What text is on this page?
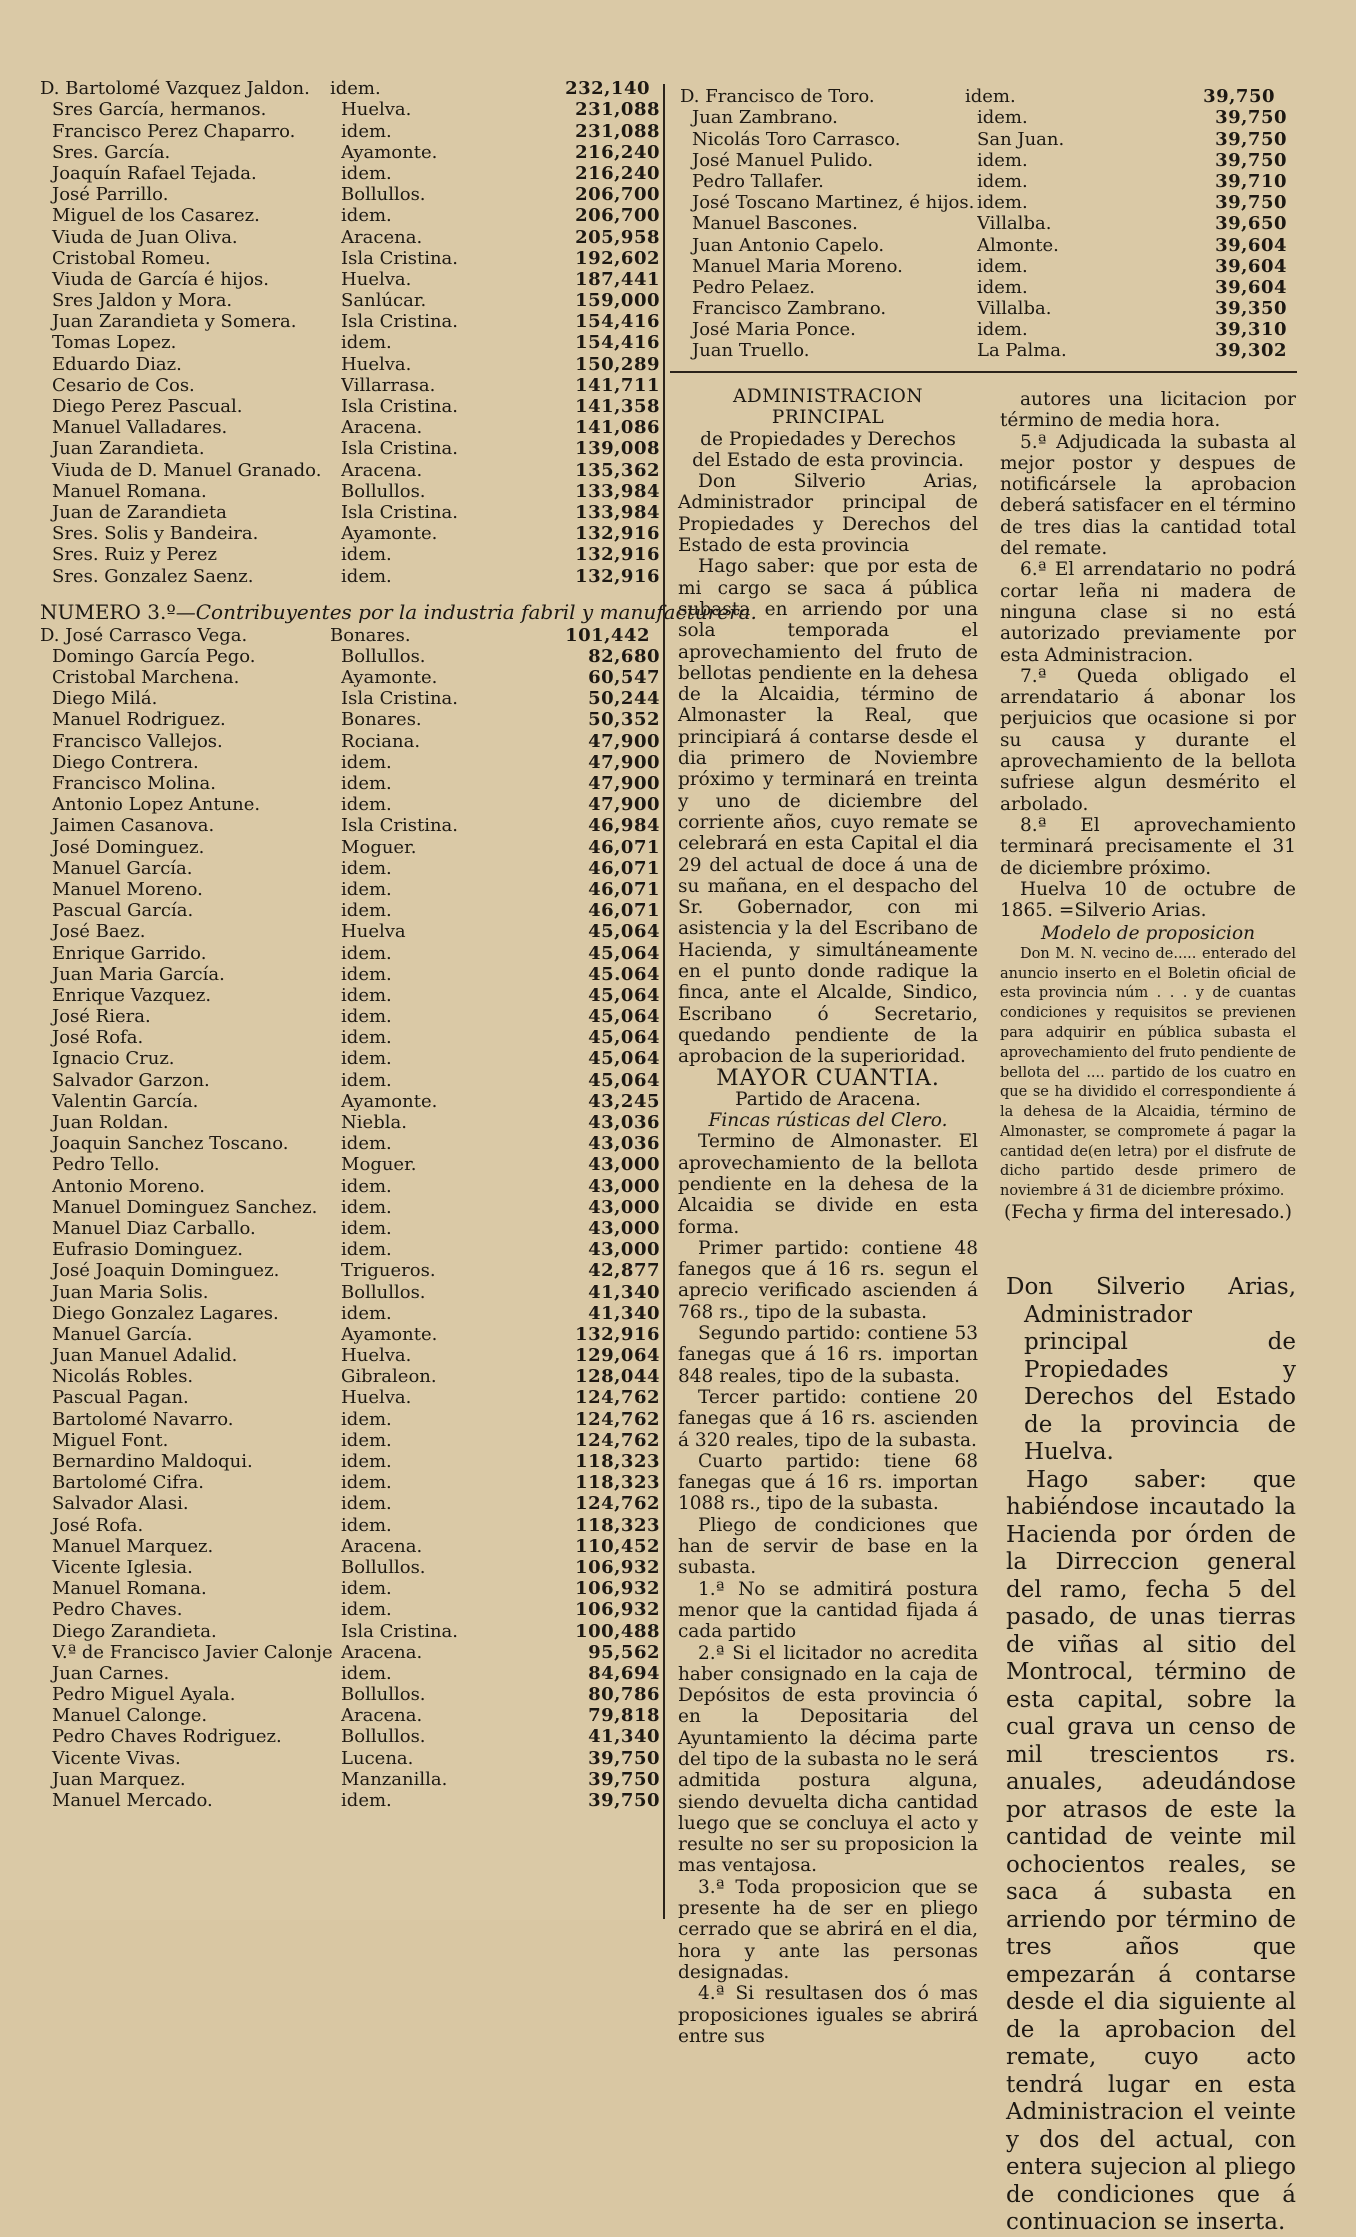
D. Bartolomé Vazquez Jaldon.	idem.	232,140
Sres García, hermanos.	Huelva.	231,088
Francisco Perez Chaparro.	idem.	231,088
Sres. García.	Ayamonte.	216,240
Joaquín Rafael Tejada.	idem.	216,240
José Parrillo.	Bollullos.	206,700
Miguel de los Casarez.	idem.	206,700
Viuda de Juan Oliva.	Aracena.	205,958
Cristobal Romeu.	Isla Cristina.	192,602
Viuda de García é hijos.	Huelva.	187,441
Sres Jaldon y Mora.	Sanlúcar.	159,000
Juan Zarandieta y Somera.	Isla Cristina.	154,416
Tomas Lopez.	idem.	154,416
Eduardo Diaz.	Huelva.	150,289
Cesario de Cos.	Villarrasa.	141,711
Diego Perez Pascual.	Isla Cristina.	141,358
Manuel Valladares.	Aracena.	141,086
Juan Zarandieta.	Isla Cristina.	139,008
Viuda de D. Manuel Granado.	Aracena.	135,362
Manuel Romana.	Bollullos.	133,984
Juan de Zarandieta	Isla Cristina.	133,984
Sres. Solis y Bandeira.	Ayamonte.	132,916
Sres. Ruiz y Perez	idem.	132,916
Sres. Gonzalez Saenz.	idem.	132,916
NUMERO 3.º—Contribuyentes por la industria fabril y manufacturera.
D. José Carrasco Vega.	Bonares.	101,442
Domingo García Pego.	Bollullos.	82,680
Cristobal Marchena.	Ayamonte.	60,547
Diego Milá.	Isla Cristina.	50,244
Manuel Rodriguez.	Bonares.	50,352
Francisco Vallejos.	Rociana.	47,900
Diego Contrera.	idem.	47,900
Francisco Molina.	idem.	47,900
Antonio Lopez Antune.	idem.	47,900
Jaimen Casanova.	Isla Cristina.	46,984
José Dominguez.	Moguer.	46,071
Manuel García.	idem.	46,071
Manuel Moreno.	idem.	46,071
Pascual García.	idem.	46,071
José Baez.	Huelva	45,064
Enrique Garrido.	idem.	45,064
Juan Maria García.	idem.	45.064
Enrique Vazquez.	idem.	45,064
José Riera.	idem.	45,064
José Rofa.	idem.	45,064
Ignacio Cruz.	idem.	45,064
Salvador Garzon.	idem.	45,064
Valentin García.	Ayamonte.	43,245
Juan Roldan.	Niebla.	43,036
Joaquin Sanchez Toscano.	idem.	43,036
Pedro Tello.	Moguer.	43,000
Antonio Moreno.	idem.	43,000
Manuel Dominguez Sanchez.	idem.	43,000
Manuel Diaz Carballo.	idem.	43,000
Eufrasio Dominguez.	idem.	43,000
José Joaquin Dominguez.	Trigueros.	42,877
Juan Maria Solis.	Bollullos.	41,340
Diego Gonzalez Lagares.	idem.	41,340
Manuel García.	Ayamonte.	132,916
Juan Manuel Adalid.	Huelva.	129,064
Nicolás Robles.	Gibraleon.	128,044
Pascual Pagan.	Huelva.	124,762
Bartolomé Navarro.	idem.	124,762
Miguel Font.	idem.	124,762
Bernardino Maldoqui.	idem.	118,323
Bartolomé Cifra.	idem.	118,323
Salvador Alasi.	idem.	124,762
José Rofa.	idem.	118,323
Manuel Marquez.	Aracena.	110,452
Vicente Iglesia.	Bollullos.	106,932
Manuel Romana.	idem.	106,932
Pedro Chaves.	idem.	106,932
Diego Zarandieta.	Isla Cristina.	100,488
V.ª de Francisco Javier Calonje Aracena.	95,562
Juan Carnes.	idem.	84,694
Pedro Miguel Ayala.	Bollullos.	80,786
Manuel Calonge.	Aracena.	79,818
Pedro Chaves Rodriguez.	Bollullos.	41,340
Vicente Vivas.	Lucena.	39,750
Juan Marquez.	Manzanilla.	39,750
Manuel Mercado.	idem.	39,750
D. Francisco de Toro.	idem.	39,750
Juan Zambrano.	idem.	39,750
Nicolás Toro Carrasco.	San Juan.	39,750
José Manuel Pulido.	idem.	39,750
Pedro Tallafer.	idem.	39,710
José Toscano Martinez, é hijos. idem.	39,750
Manuel Bascones.	Villalba.	39,650
Juan Antonio Capelo.	Almonte.	39,604
Manuel Maria Moreno.	idem.	39,604
Pedro Pelaez.	idem.	39,604
Francisco Zambrano.	Villalba.	39,350
José Maria Ponce.	idem.	39,310
Juan Truello.	La Palma.	39,302

ADMINISTRACION PRINCIPAL

de Propiedades y Derechos del Estado de esta provincia.

Don Silverio Arias, Administrador principal de Propiedades y Derechos del Estado de esta provincia

Hago saber: que por esta de mi cargo se saca á pública subasta en arriendo por una sola temporada el aprovechamiento del fruto de bellotas pendiente en la dehesa de la Alcaidia, término de Almonaster la Real, que principiará á contarse desde el dia primero de Noviembre próximo y terminará en treinta y uno de diciembre del corriente años, cuyo remate se celebrará en esta Capital el dia 29 del actual de doce á una de su mañana, en el despacho del Sr. Gobernador, con mi asistencia y la del Escribano de Hacienda, y simultáneamente en el punto donde radique la finca, ante el Alcalde, Sindico, Escribano ó Secretario, quedando pendiente de la aprobacion de la superioridad.

MAYOR CUANTIA.

Partido de Aracena.

Fincas rústicas del Clero.

Termino de Almonaster. El aprovechamiento de la bellota pendiente en la dehesa de la Alcaidia se divide en esta forma.

Primer partido: contiene 48 fanegos que á 16 rs. segun el aprecio verificado ascienden á 768 rs., tipo de la subasta.

Segundo partido: contiene 53 fanegas que á 16 rs. importan 848 reales, tipo de la subasta.

Tercer partido: contiene 20 fanegas que á 16 rs. ascienden á 320 reales, tipo de la subasta.

Cuarto partido: tiene 68 fanegas que á 16 rs. importan 1088 rs., tipo de la subasta.

Pliego de condiciones que han de servir de base en la subasta.

1.ª No se admitirá postura menor que la cantidad fijada á cada partido

2.ª Si el licitador no acredita haber consignado en la caja de Depósitos de esta provincia ó en la Depositaria del Ayuntamiento la décima parte del tipo de la subasta no le será admitida postura alguna, siendo devuelta dicha cantidad luego que se concluya el acto y resulte no ser su proposicion la mas ventajosa.

3.ª Toda proposicion que se presente ha de ser en pliego cerrado que se abrirá en el dia, hora y ante las personas designadas.

4.ª Si resultasen dos ó mas proposiciones iguales se abrirá entre sus

autores una licitacion por término de media hora.

5.ª Adjudicada la subasta al mejor postor y despues de notificársele la aprobacion deberá satisfacer en el término de tres dias la cantidad total del remate.

6.ª El arrendatario no podrá cortar leña ni madera de ninguna clase si no está autorizado previamente por esta Administracion.

7.ª Queda obligado el arrendatario á abonar los perjuicios que ocasione si por su causa y durante el aprovechamiento de la bellota sufriese algun desmérito el arbolado.

8.ª El aprovechamiento terminará precisamente el 31 de diciembre próximo.

Huelva 10 de octubre de 1865. =Silverio Arias.

Modelo de proposicion

Don M. N. vecino de..... enterado del anuncio inserto en el Boletin oficial de esta provincia núm . . . y de cuantas condiciones y requisitos se previenen para adquirir en pública subasta el aprovechamiento del fruto pendiente de bellota del .... partido de los cuatro en que se ha dividido el correspondiente á la dehesa de la Alcaidia, término de Almonaster, se compromete á pagar la cantidad de(en letra) por el disfrute de dicho partido desde primero de noviembre á 31 de diciembre próximo.

(Fecha y firma del interesado.)

Don Silverio Arias, Administrador principal de Propiedades y Derechos del Estado de la provincia de Huelva.

Hago saber: que habiéndose incautado la Hacienda por órden de la Dirreccion general del ramo, fecha 5 del pasado, de unas tierras de viñas al sitio del Montrocal, término de esta capital, sobre la cual grava un censo de mil trescientos rs. anuales, adeudándose por atrasos de este la cantidad de veinte mil ochocientos reales, se saca á subasta en arriendo por término de tres años que empezarán á contarse desde el dia siguiente al de la aprobacion del remate, cuyo acto tendrá lugar en esta Administracion el veinte y dos del actual, con entera sujecion al pliego de condiciones que á continuacion se inserta.
